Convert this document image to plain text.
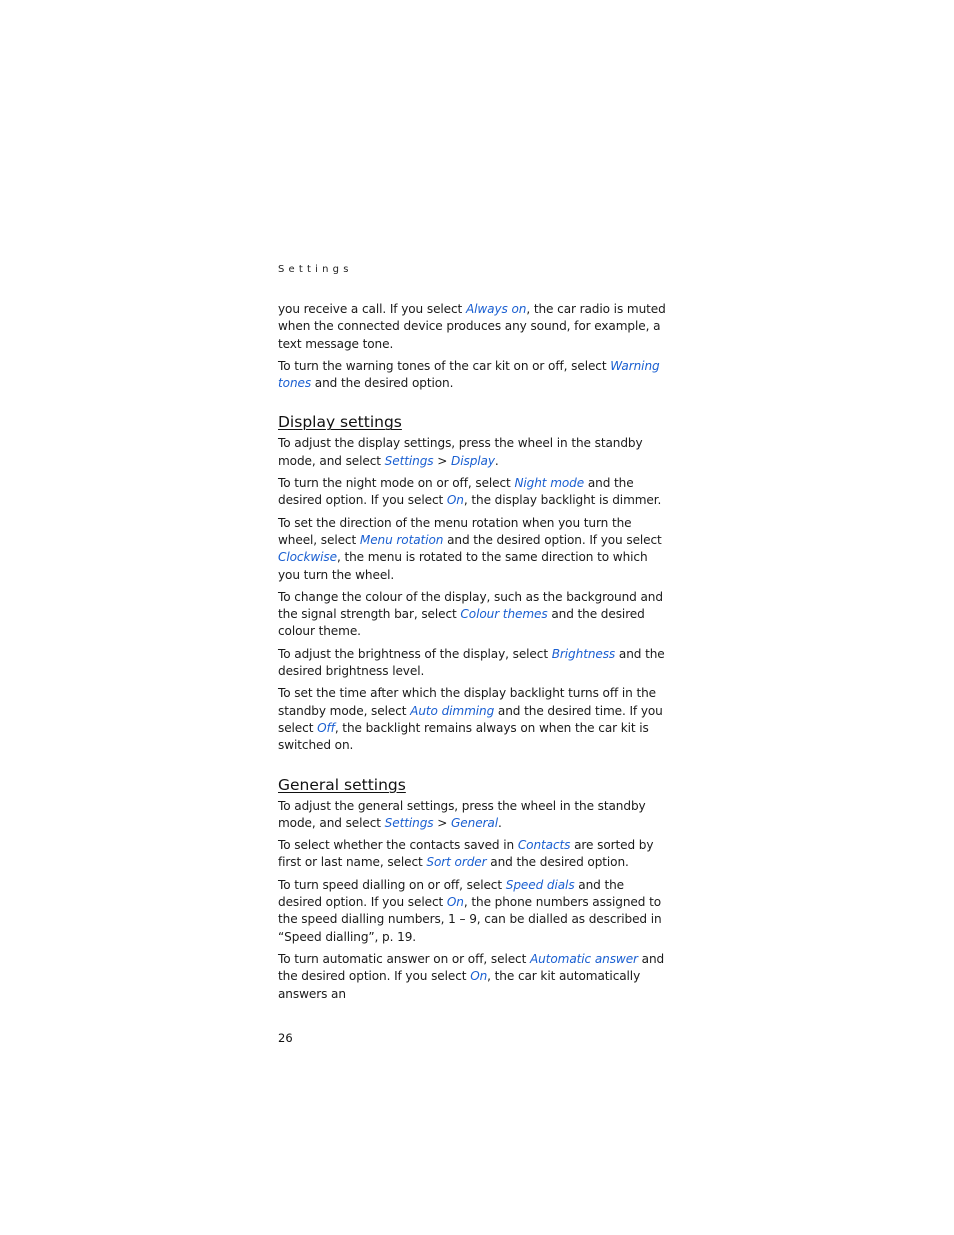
Settings

you receive a call. If you select Always on, the car radio is muted when the connected device produces any sound, for example, a text message tone.

To turn the warning tones of the car kit on or off, select Warning tones and the desired option.

Display settings

To adjust the display settings, press the wheel in the standby mode, and select Settings > Display.

To turn the night mode on or off, select Night mode and the desired option. If you select On, the display backlight is dimmer.

To set the direction of the menu rotation when you turn the wheel, select Menu rotation and the desired option. If you select Clockwise, the menu is rotated to the same direction to which you turn the wheel.

To change the colour of the display, such as the background and the signal strength bar, select Colour themes and the desired colour theme.

To adjust the brightness of the display, select Brightness and the desired brightness level.

To set the time after which the display backlight turns off in the standby mode, select Auto dimming and the desired time. If you select Off, the backlight remains always on when the car kit is switched on.

General settings

To adjust the general settings, press the wheel in the standby mode, and select Settings > General.

To select whether the contacts saved in Contacts are sorted by first or last name, select Sort order and the desired option.

To turn speed dialling on or off, select Speed dials and the desired option. If you select On, the phone numbers assigned to the speed dialling numbers, 1 – 9, can be dialled as described in “Speed dialling”, p. 19.

To turn automatic answer on or off, select Automatic answer and the desired option. If you select On, the car kit automatically answers an

26
